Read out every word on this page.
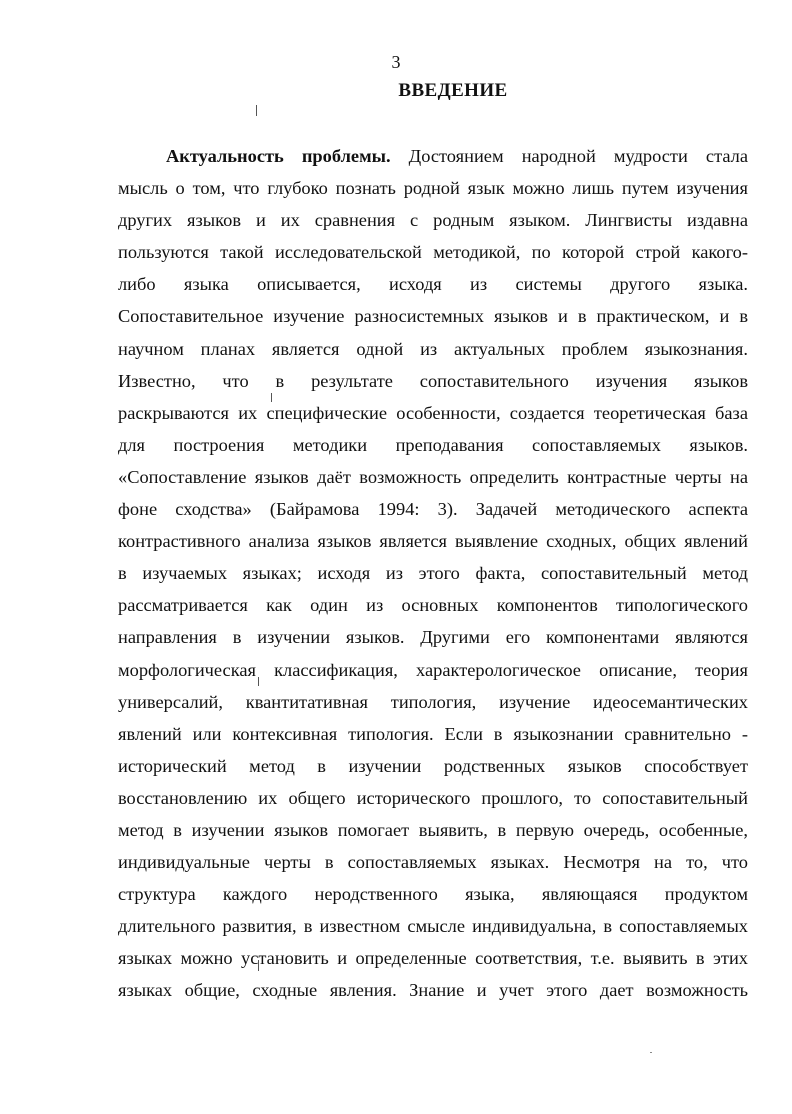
3
ВВЕДЕНИЕ
Актуальность проблемы. Достоянием народной мудрости стала
мысль о том, что глубоко познать родной язык можно лишь путем изучения
других языков и их сравнения с родным языком. Лингвисты издавна
пользуются такой исследовательской методикой, по которой строй какого-
либо языка описывается, исходя из системы другого языка.
Сопоставительное изучение разносистемных языков и в практическом, и в
научном планах является одной из актуальных проблем языкознания.
Известно, что в результате сопоставительного изучения языков
раскрываются их специфические особенности, создается теоретическая база
для построения методики преподавания сопоставляемых языков.
«Сопоставление языков даёт возможность определить контрастные черты на
фоне сходства» (Байрамова 1994: 3). Задачей методического аспекта
контрастивного анализа языков является выявление сходных, общих явлений
в изучаемых языках; исходя из этого факта, сопоставительный метод
рассматривается как один из основных компонентов типологического
направления в изучении языков. Другими его компонентами являются
морфологическая классификация, характерологическое описание, теория
универсалий, квантитативная типология, изучение идеосемантических
явлений или контексивная типология. Если в языкознании сравнительно -
исторический метод в изучении родственных языков способствует
восстановлению их общего исторического прошлого, то сопоставительный
метод в изучении языков помогает выявить, в первую очередь, особенные,
индивидуальные черты в сопоставляемых языках. Несмотря на то, что
структура каждого неродственного языка, являющаяся продуктом
длительного развития, в известном смысле индивидуальна, в сопоставляемых
языках можно установить и определенные соответствия, т.е. выявить в этих
языках общие, сходные явления. Знание и учет этого дает возможность
